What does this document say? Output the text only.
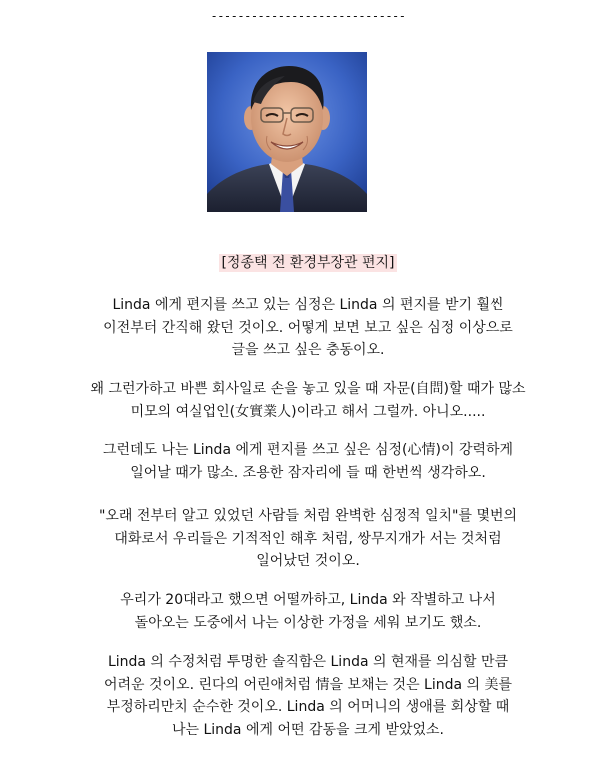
-----------------------------
[정종택 전 환경부장관 편지]

Linda 에게 편지를 쓰고 있는 심정은 Linda 의 편지를 받기 훨씬
이전부터 간직해 왔던 것이오. 어떻게 보면 보고 싶은 심정 이상으로
글을 쓰고 싶은 충동이오.

왜 그런가하고 바쁜 회사일로 손을 놓고 있을 때 자문(自問)할 때가 많소
미모의 여실업인(女實業人)이라고 해서 그럴까. 아니오.....

그런데도 나는 Linda 에게 편지를 쓰고 싶은 심정(心情)이 강력하게
일어날 때가 많소. 조용한 잠자리에 들 때 한번씩 생각하오.

"오래 전부터 알고 있었던 사람들 처럼 완벽한 심정적 일치"를 몇번의
대화로서 우리들은 기적적인 해후 처럼, 쌍무지개가 서는 것처럼
일어났던 것이오.

우리가 20대라고 했으면 어떨까하고, Linda 와 작별하고 나서
돌아오는 도중에서 나는 이상한 가정을 세워 보기도 했소.

Linda 의 수정처럼 투명한 솔직함은 Linda 의 현재를 의심할 만큼
어려운 것이오. 린다의 어린애처럼 情을 보채는 것은 Linda 의 美를
부정하리만치 순수한 것이오. Linda 의 어머니의 생애를 회상할 때
나는 Linda 에게 어떤 감동을 크게 받았었소.
